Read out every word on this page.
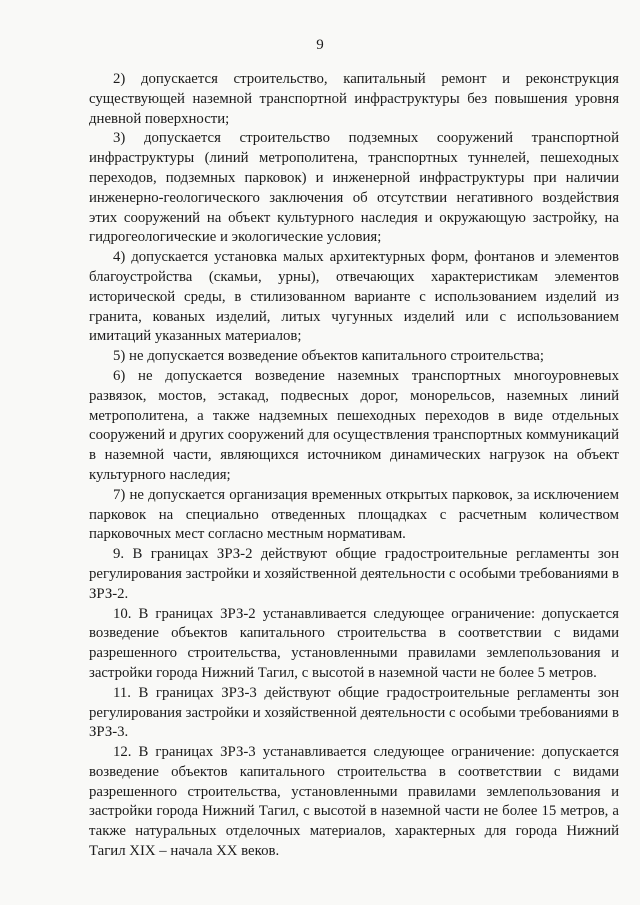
9

2) допускается строительство, капитальный ремонт и реконструкция существующей наземной транспортной инфраструктуры без повышения уровня дневной поверхности;

3) допускается строительство подземных сооружений транспортной инфраструктуры (линий метрополитена, транспортных туннелей, пешеходных переходов, подземных парковок) и инженерной инфраструктуры при наличии инженерно-геологического заключения об отсутствии негативного воздействия этих сооружений на объект культурного наследия и окружающую застройку, на гидрогеологические и экологические условия;

4) допускается установка малых архитектурных форм, фонтанов и элементов благоустройства (скамьи, урны), отвечающих характеристикам элементов исторической среды, в стилизованном варианте с использованием изделий из гранита, кованых изделий, литых чугунных изделий или с использованием имитаций указанных материалов;

5) не допускается возведение объектов капитального строительства;

6) не допускается возведение наземных транспортных многоуровневых развязок, мостов, эстакад, подвесных дорог, монорельсов, наземных линий метрополитена, а также надземных пешеходных переходов в виде отдельных сооружений и других сооружений для осуществления транспортных коммуникаций в наземной части, являющихся источником динамических нагрузок на объект культурного наследия;

7) не допускается организация временных открытых парковок, за исключением парковок на специально отведенных площадках с расчетным количеством парковочных мест согласно местным нормативам.

9. В границах ЗРЗ-2 действуют общие градостроительные регламенты зон регулирования застройки и хозяйственной деятельности с особыми требованиями в ЗРЗ-2.

10. В границах ЗРЗ-2 устанавливается следующее ограничение: допускается возведение объектов капитального строительства в соответствии с видами разрешенного строительства, установленными правилами землепользования и застройки города Нижний Тагил, с высотой в наземной части не более 5 метров.

11. В границах ЗРЗ-3 действуют общие градостроительные регламенты зон регулирования застройки и хозяйственной деятельности с особыми требованиями в ЗРЗ-3.

12. В границах ЗРЗ-3 устанавливается следующее ограничение: допускается возведение объектов капитального строительства в соответствии с видами разрешенного строительства, установленными правилами землепользования и застройки города Нижний Тагил, с высотой в наземной части не более 15 метров, а также натуральных отделочных материалов, характерных для города Нижний Тагил XIX – начала XX веков.
